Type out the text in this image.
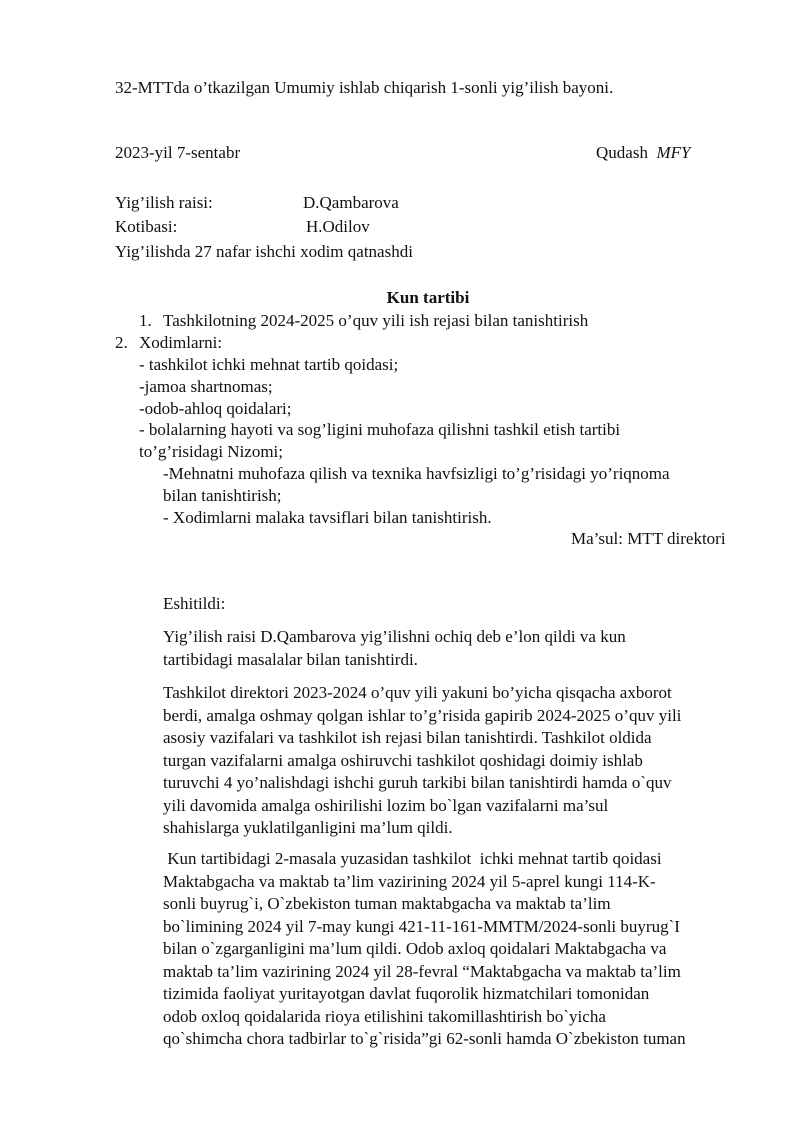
32-MTTda o’tkazilgan Umumiy ishlab chiqarish 1-sonli yig’ilish bayoni.
2023-yil 7-sentabr	Qudash MFY
Yig’ilish raisi:	D.Qambarova
Kotibasi:	H.Odilov
Yig’ilishda 27 nafar ishchi xodim qatnashdi
Kun tartibi
1. Tashkilotning 2024-2025 o’quv yili ish rejasi bilan tanishtirish
2. Xodimlarni:
- tashkilot ichki mehnat tartib qoidasi;
-jamoa shartnomas;
-odob-ahloq qoidalari;
- bolalarning hayoti va sog’ligini muhofaza qilishni tashkil etish tartibi
to’g’risidagi Nizomi;
-Mehnatni muhofaza qilish va texnika havfsizligi to’g’risidagi yo’riqnoma
bilan tanishtirish;
- Xodimlarni malaka tavsiflari bilan tanishtirish.
Ma’sul: MTT direktori
Eshitildi:
Yig’ilish raisi D.Qambarova yig’ilishni ochiq deb e’lon qildi va kun
tartibidagi masalalar bilan tanishtirdi.
Tashkilot direktori 2023-2024 o’quv yili yakuni bo’yicha qisqacha axborot
berdi, amalga oshmay qolgan ishlar to’g’risida gapirib 2024-2025 o’quv yili
asosiy vazifalari va tashkilot ish rejasi bilan tanishtirdi. Tashkilot oldida
turgan vazifalarni amalga oshiruvchi tashkilot qoshidagi doimiy ishlab
turuvchi 4 yo’nalishdagi ishchi guruh tarkibi bilan tanishtirdi hamda o`quv
yili davomida amalga oshirilishi lozim bo`lgan vazifalarni ma’sul
shahislarga yuklatilganligini ma’lum qildi.
Kun tartibidagi 2-masala yuzasidan tashkilot  ichki mehnat tartib qoidasi
Maktabgacha va maktab ta’lim vazirining 2024 yil 5-aprel kungi 114-K-
sonli buyrug`i, O`zbekiston tuman maktabgacha va maktab ta’lim
bo`limining 2024 yil 7-may kungi 421-11-161-MMTM/2024-sonli buyrug`I
bilan o`zgarganligini ma’lum qildi. Odob axloq qoidalari Maktabgacha va
maktab ta’lim vazirining 2024 yil 28-fevral “Maktabgacha va maktab ta’lim
tizimida faoliyat yuritayotgan davlat fuqorolik hizmatchilari tomonidan
odob oxloq qoidalarida rioya etilishini takomillashtirish bo`yicha
qo`shimcha chora tadbirlar to`g`risida”gi 62-sonli hamda O`zbekiston tuman
